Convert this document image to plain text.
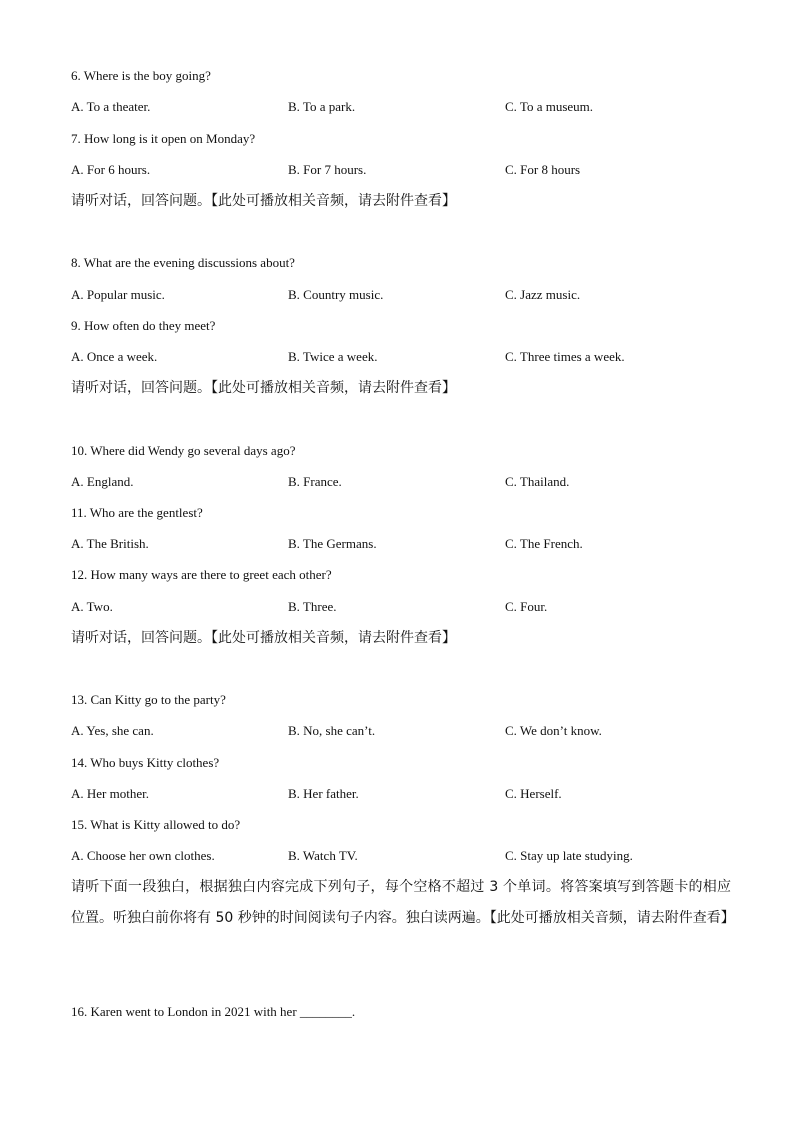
6. Where is the boy going?
A. To a theater.	B. To a park.	C. To a museum.
7. How long is it open on Monday?
A. For 6 hours.	B. For 7 hours.	C. For 8 hours
请听对话，回答问题。【此处可播放相关音频，请去附件查看】
8. What are the evening discussions about?
A. Popular music.	B. Country music.	C. Jazz music.
9. How often do they meet?
A. Once a week.	B. Twice a week.	C. Three times a week.
请听对话，回答问题。【此处可播放相关音频，请去附件查看】
10. Where did Wendy go several days ago?
A. England.	B. France.	C. Thailand.
11. Who are the gentlest?
A. The British.	B. The Germans.	C. The French.
12. How many ways are there to greet each other?
A. Two.	B. Three.	C. Four.
请听对话，回答问题。【此处可播放相关音频，请去附件查看】
13. Can Kitty go to the party?
A. Yes, she can.	B. No, she can’t.	C. We don’t know.
14. Who buys Kitty clothes?
A. Her mother.	B. Her father.	C. Herself.
15. What is Kitty allowed to do?
A. Choose her own clothes.	B. Watch TV.	C. Stay up late studying.
请听下面一段独白，根据独白内容完成下列句子，每个空格不超过 3 个单词。将答案填写到答题卡的相应位置。听独白前你将有 50 秒钟的时间阅读句子内容。独白读两遍。【此处可播放相关音频，请去附件查看】
16. Karen went to London in 2021 with her ________.
